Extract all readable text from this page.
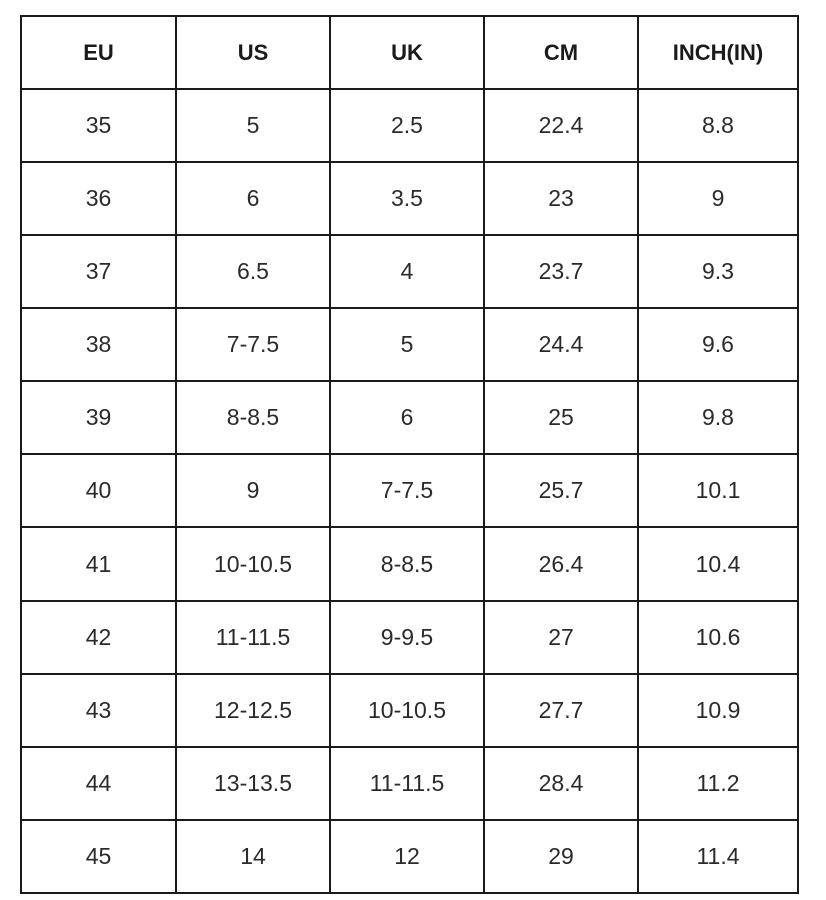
EU	US	UK	CM	INCH(IN)
35	5	2.5	22.4	8.8
36	6	3.5	23	9
37	6.5	4	23.7	9.3
38	7-7.5	5	24.4	9.6
39	8-8.5	6	25	9.8
40	9	7-7.5	25.7	10.1
41	10-10.5	8-8.5	26.4	10.4
42	11-11.5	9-9.5	27	10.6
43	12-12.5	10-10.5	27.7	10.9
44	13-13.5	11-11.5	28.4	11.2
45	14	12	29	11.4
